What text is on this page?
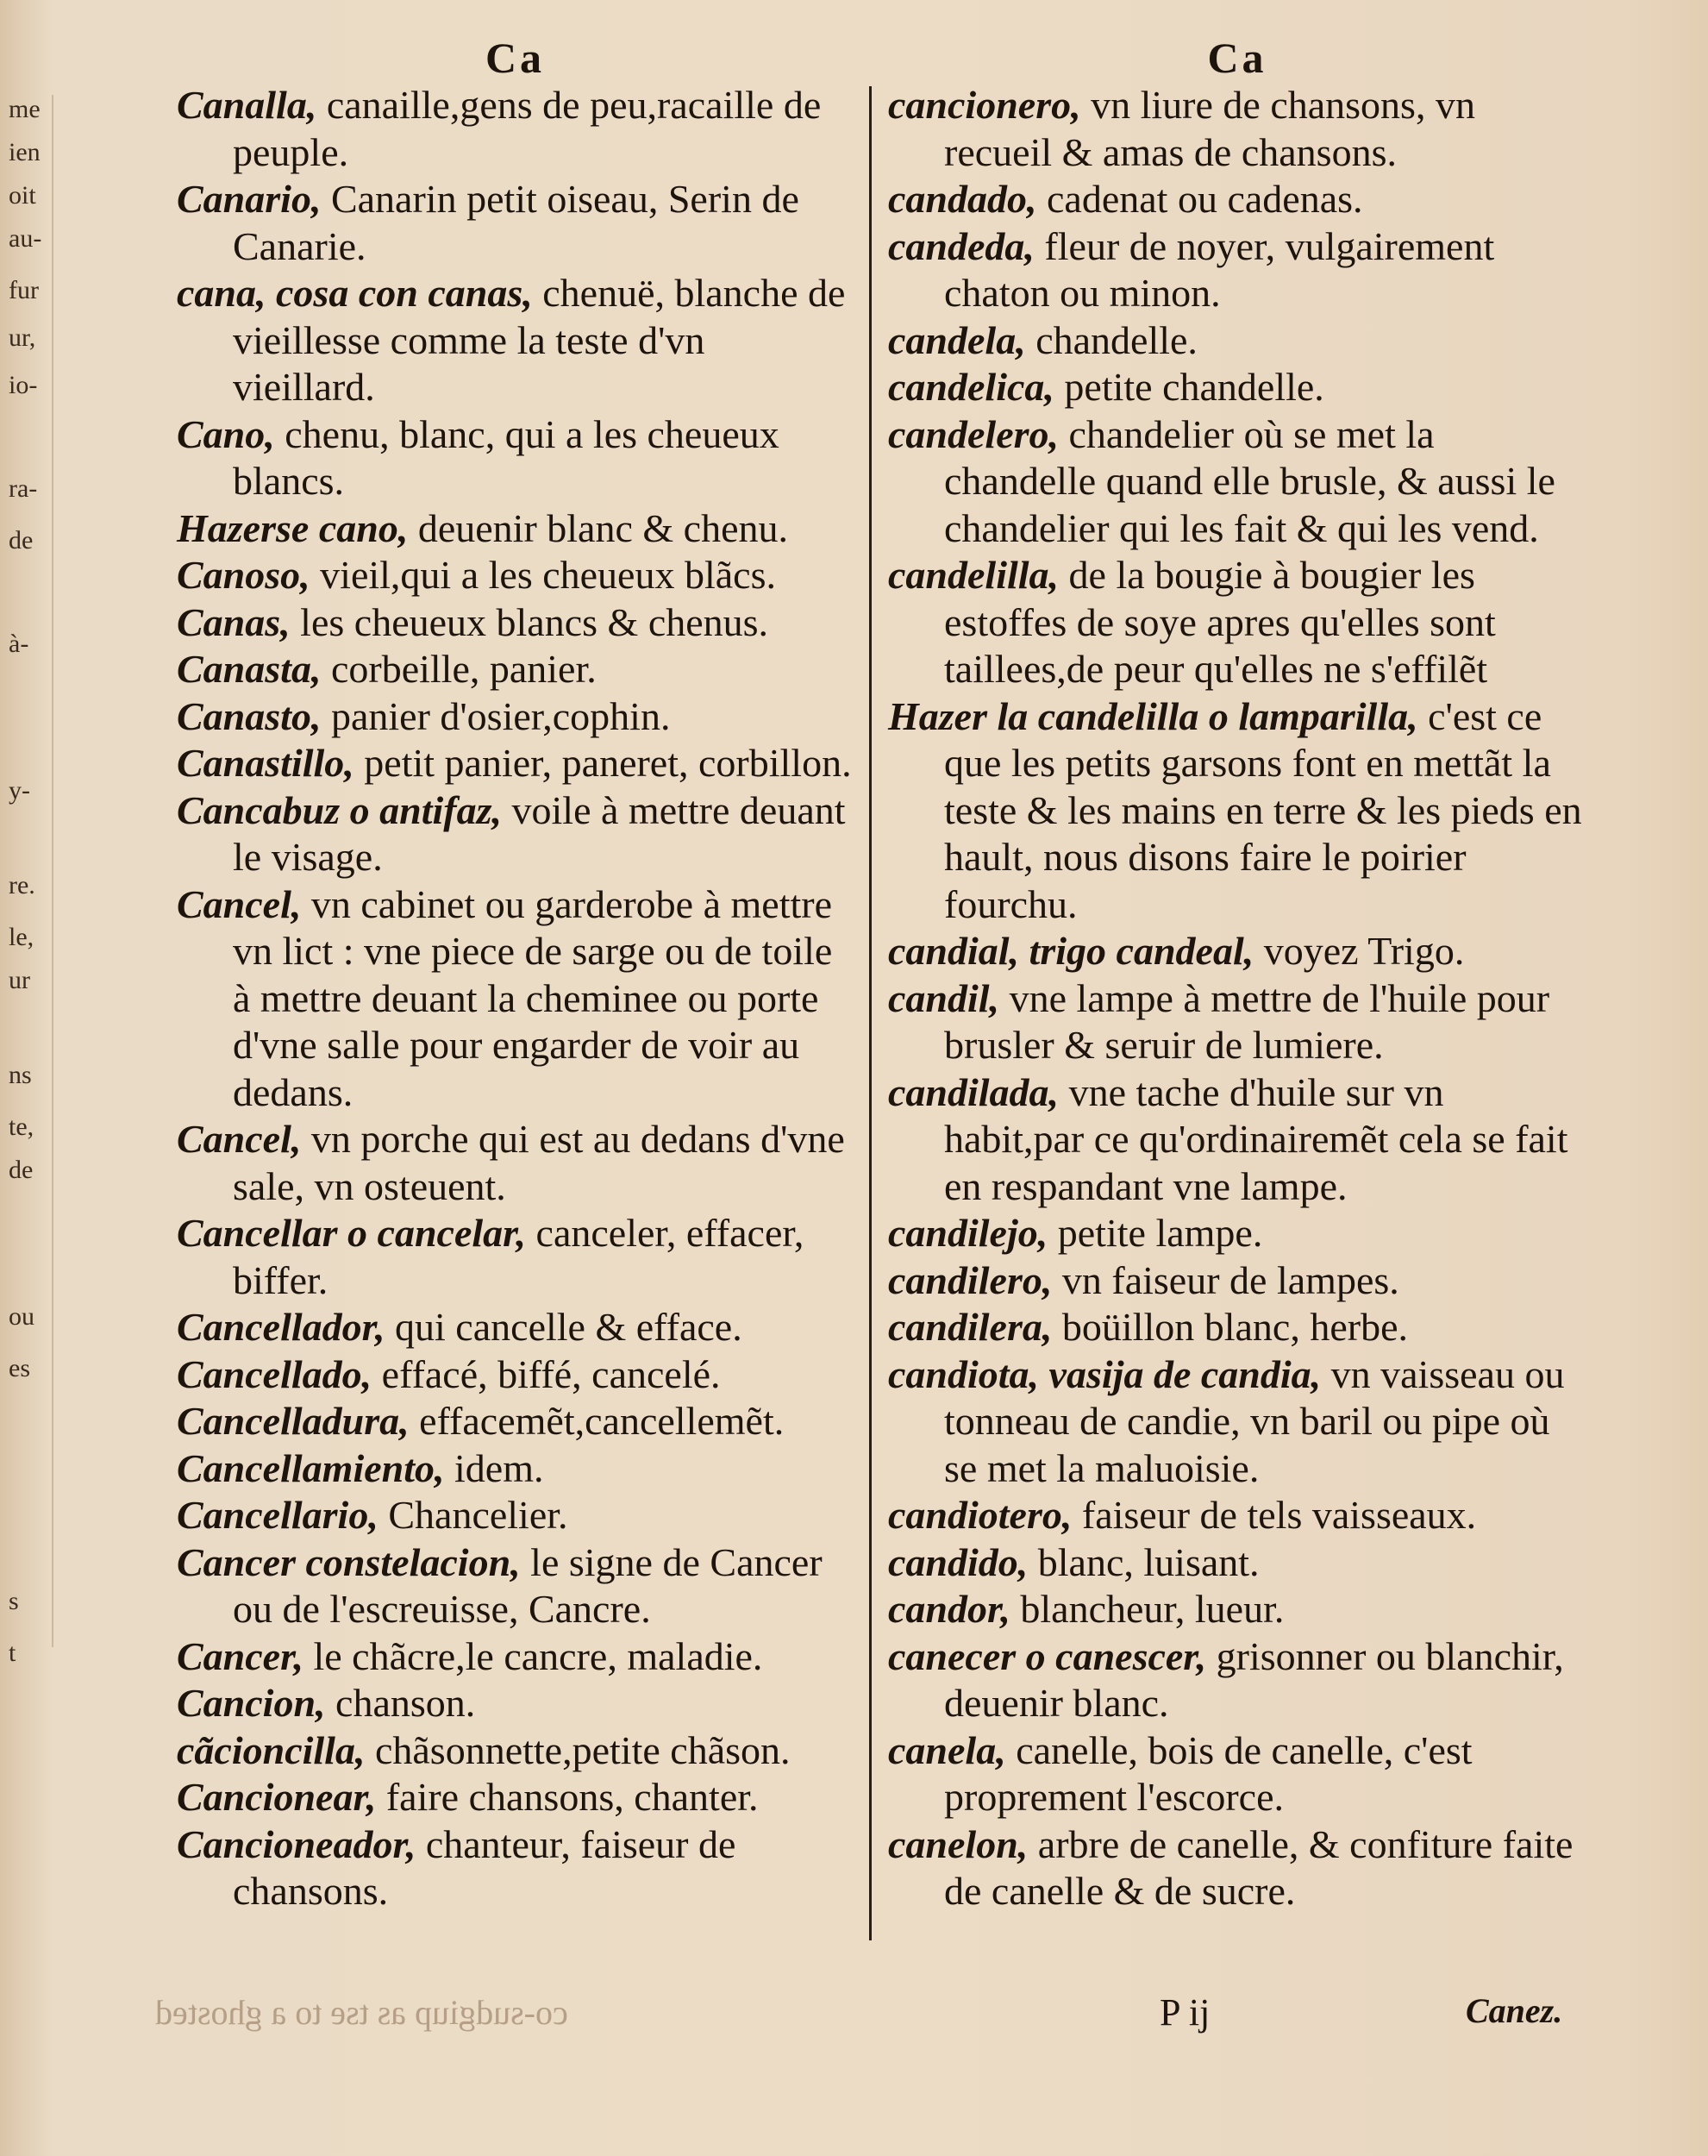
me
ien
oit
au-
fur
ur,
io-
ra-
de
à-
y-
re.
le,
ur
ns
te,
de
ou
es
s
t
Ca
Canalla, canaille,gens de peu,racaille de peuple.
Canario, Canarin petit oiseau, Serin de Canarie.
cana, cosa con canas, chenuë, blanche de vieillesse comme la teste d'vn vieillard.
Cano, chenu, blanc, qui a les cheueux blancs.
Hazerse cano, deuenir blanc & chenu.
Canoso, vieil,qui a les cheueux blãcs.
Canas, les cheueux blancs & chenus.
Canasta, corbeille, panier.
Canasto, panier d'osier,cophin.
Canastillo, petit panier, paneret, corbillon.
Cancabuz o antifaz, voile à mettre deuant le visage.
Cancel, vn cabinet ou garderobe à mettre vn lict : vne piece de sarge ou de toile à mettre deuant la cheminee ou porte d'vne salle pour engarder de voir au dedans.
Cancel, vn porche qui est au dedans d'vne sale, vn osteuent.
Cancellar o cancelar, canceler, effacer, biffer.
Cancellador, qui cancelle & efface.
Cancellado, effacé, biffé, cancelé.
Cancelladura, effacemẽt,cancellemẽt.
Cancellamiento, idem.
Cancellario, Chancelier.
Cancer constelacion, le signe de Cancer ou de l'escreuisse, Cancre.
Cancer, le chãcre,le cancre, maladie.
Cancion, chanson.
cãcioncilla, chãsonnette,petite chãson.
Cancionear, faire chansons, chanter.
Cancioneador, chanteur, faiseur de chansons.
Ca
cancionero, vn liure de chansons, vn recueil & amas de chansons.
candado, cadenat ou cadenas.
candeda, fleur de noyer, vulgairement chaton ou minon.
candela, chandelle.
candelica, petite chandelle.
candelero, chandelier où se met la chandelle quand elle brusle, & aussi le chandelier qui les fait & qui les vend.
candelilla, de la bougie à bougier les estoffes de soye apres qu'elles sont taillees,de peur qu'elles ne s'effilẽt
Hazer la candelilla o lamparilla, c'est ce que les petits garsons font en mettãt la teste & les mains en terre & les pieds en hault, nous disons faire le poirier fourchu.
candial, trigo candeal, voyez Trigo.
candil, vne lampe à mettre de l'huile pour brusler & seruir de lumiere.
candilada, vne tache d'huile sur vn habit,par ce qu'ordinairemẽt cela se fait en respandant vne lampe.
candilejo, petite lampe.
candilero, vn faiseur de lampes.
candilera, boüillon blanc, herbe.
candiota, vasija de candia, vn vaisseau ou tonneau de candie, vn baril ou pipe où se met la maluoisie.
candiotero, faiseur de tels vaisseaux.
candido, blanc, luisant.
candor, blancheur, lueur.
canecer o canescer, grisonner ou blanchir, deuenir blanc.
canela, canelle, bois de canelle, c'est proprement l'escorce.
canelon, arbre de canelle, & confiture faite de canelle & de sucre.
co-sudgiup as tse to a ghosted	P ij	Canez.
